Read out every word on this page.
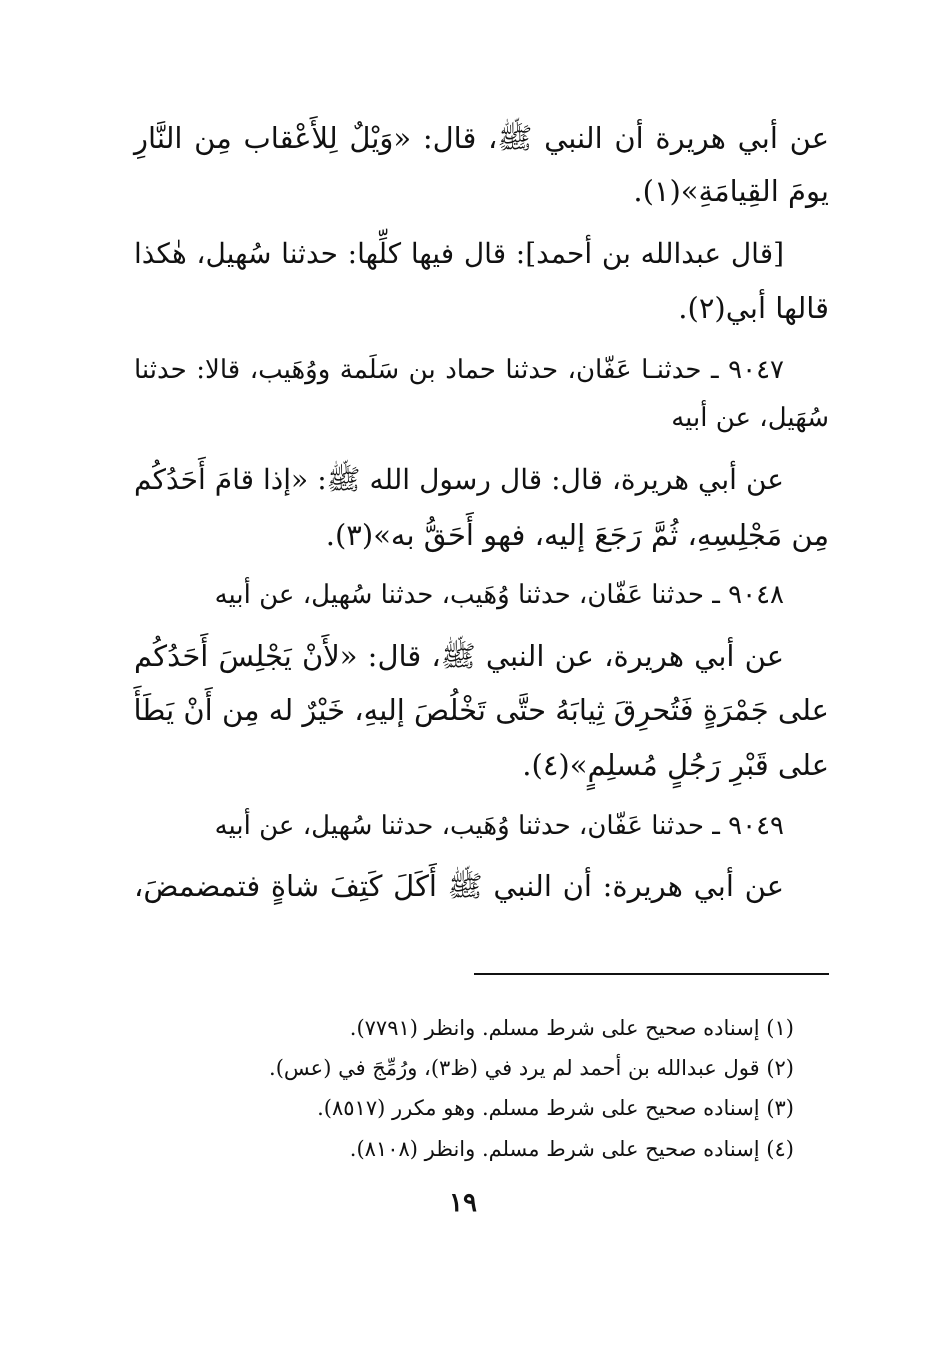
عن أبي هريرة أن النبي ﷺ، قال: «وَيْلٌ لِلأَعْقاب مِن النَّارِ
يومَ القِيامَةِ»(١).
[قال عبدالله بن أحمد]: قال فيها كلِّها: حدثنا سُهيل، هٰكذا
قالها أبي(٢).
٩٠٤٧ ـ حدثنـا عَفّان، حدثنا حماد بن سَلَمة ووُهَيب، قالا: حدثنا
سُهَيل، عن أبيه
عن أبي هريرة، قال: قال رسول الله ﷺ: «إذا قامَ أَحَدُكُم
مِن مَجْلِسِهِ، ثُمَّ رَجَعَ إليه، فهو أَحَقُّ به»(٣).
٩٠٤٨ ـ حدثنا عَفّان، حدثنا وُهَيب، حدثنا سُهيل، عن أبيه
عن أبي هريرة، عن النبي ﷺ، قال: «لأَنْ يَجْلِسَ أَحَدُكُم
على جَمْرَةٍ فَتُحرِقَ ثِيابَهُ حتَّى تَخْلُصَ إليهِ، خَيْرٌ له مِن أَنْ يَطَأَ
على قَبْرِ رَجُلٍ مُسلِمٍ»(٤).
٩٠٤٩ ـ حدثنا عَفّان، حدثنا وُهَيب، حدثنا سُهيل، عن أبيه
عن أبي هريرة: أن النبي ﷺ أَكَلَ كَتِفَ شاةٍ فتمضمضَ،
(١) إسناده صحيح على شرط مسلم. وانظر (٧٧٩١).
(٢) قول عبدالله بن أحمد لم يرد في (ظ٣)، ورُمِّجَ في (عس).
(٣) إسناده صحيح على شرط مسلم. وهو مكرر (٨٥١٧).
(٤) إسناده صحيح على شرط مسلم. وانظر (٨١٠٨).
١٩
